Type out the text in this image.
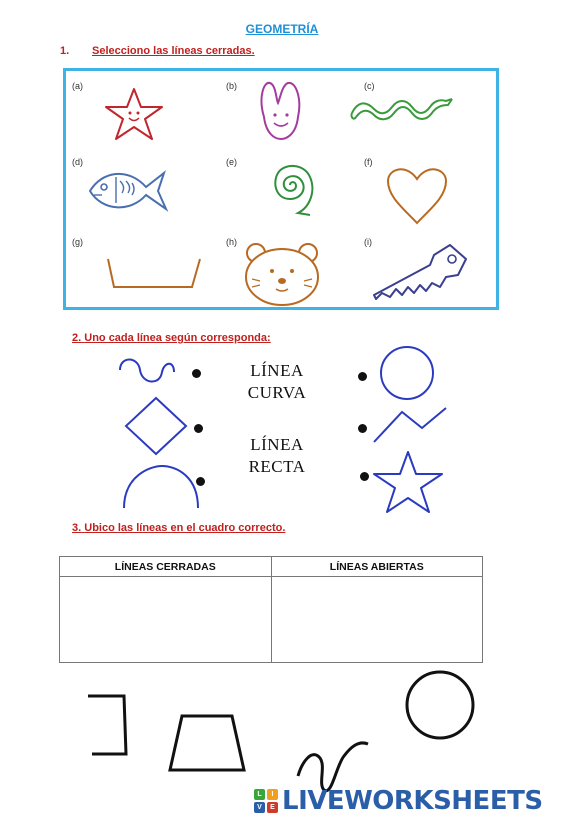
GEOMETRÍA
1. Selecciono las líneas cerradas.
(a)	(b)	(c)
(d)	(e)	(f)
(g)	(h)	(i)
2. Uno cada línea según corresponda:
LÍNEA
CURVA
LÍNEA
RECTA
3. Ubico las líneas en el cuadro correcto.
LÍNEAS CERRADAS	LÍNEAS ABIERTAS

L	I
V	E LIVEWORKSHEETS
